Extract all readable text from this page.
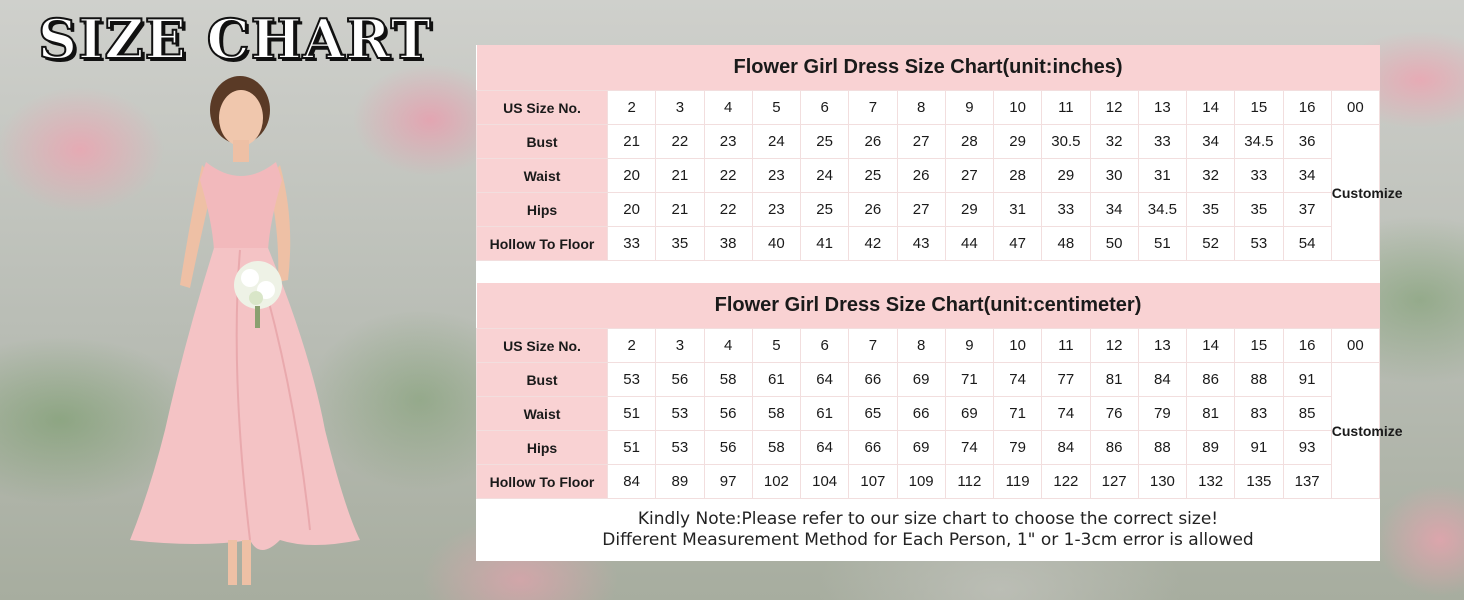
SIZE CHART	Flower Girl Dress Size Chart(unit:inches)																
US Size No.	2	3	4	5	6	7	8	9	10	11	12	13	14	15	16	00
Bust	21	22	23	24	25	26	27	28	29	30.5	32	33	34	34.5	36	Customize
Waist	20	21	22	23	24	25	26	27	28	29	30	31	32	33	34	
Hips	20	21	22	23	25	26	27	29	31	33	34	34.5	35	35	37	
Hollow To Floor	33	35	38	40	41	42	43	44	47	48	50	51	52	53	54	
Flower Girl Dress Size Chart(unit:centimeter)																
US Size No.	2	3	4	5	6	7	8	9	10	11	12	13	14	15	16	00
Bust	53	56	58	61	64	66	69	71	74	77	81	84	86	88	91	Customize
Waist	51	53	56	58	61	65	66	69	71	74	76	79	81	83	85	
Hips	51	53	56	58	64	66	69	74	79	84	86	88	89	91	93	
Hollow To Floor	84	89	97	102	104	107	109	112	119	122	127	130	132	135	137	
Kindly Note:Please refer to our size chart to choose the correct size!
Different Measurement Method for Each Person, 1" or 1-3cm error is allowed
